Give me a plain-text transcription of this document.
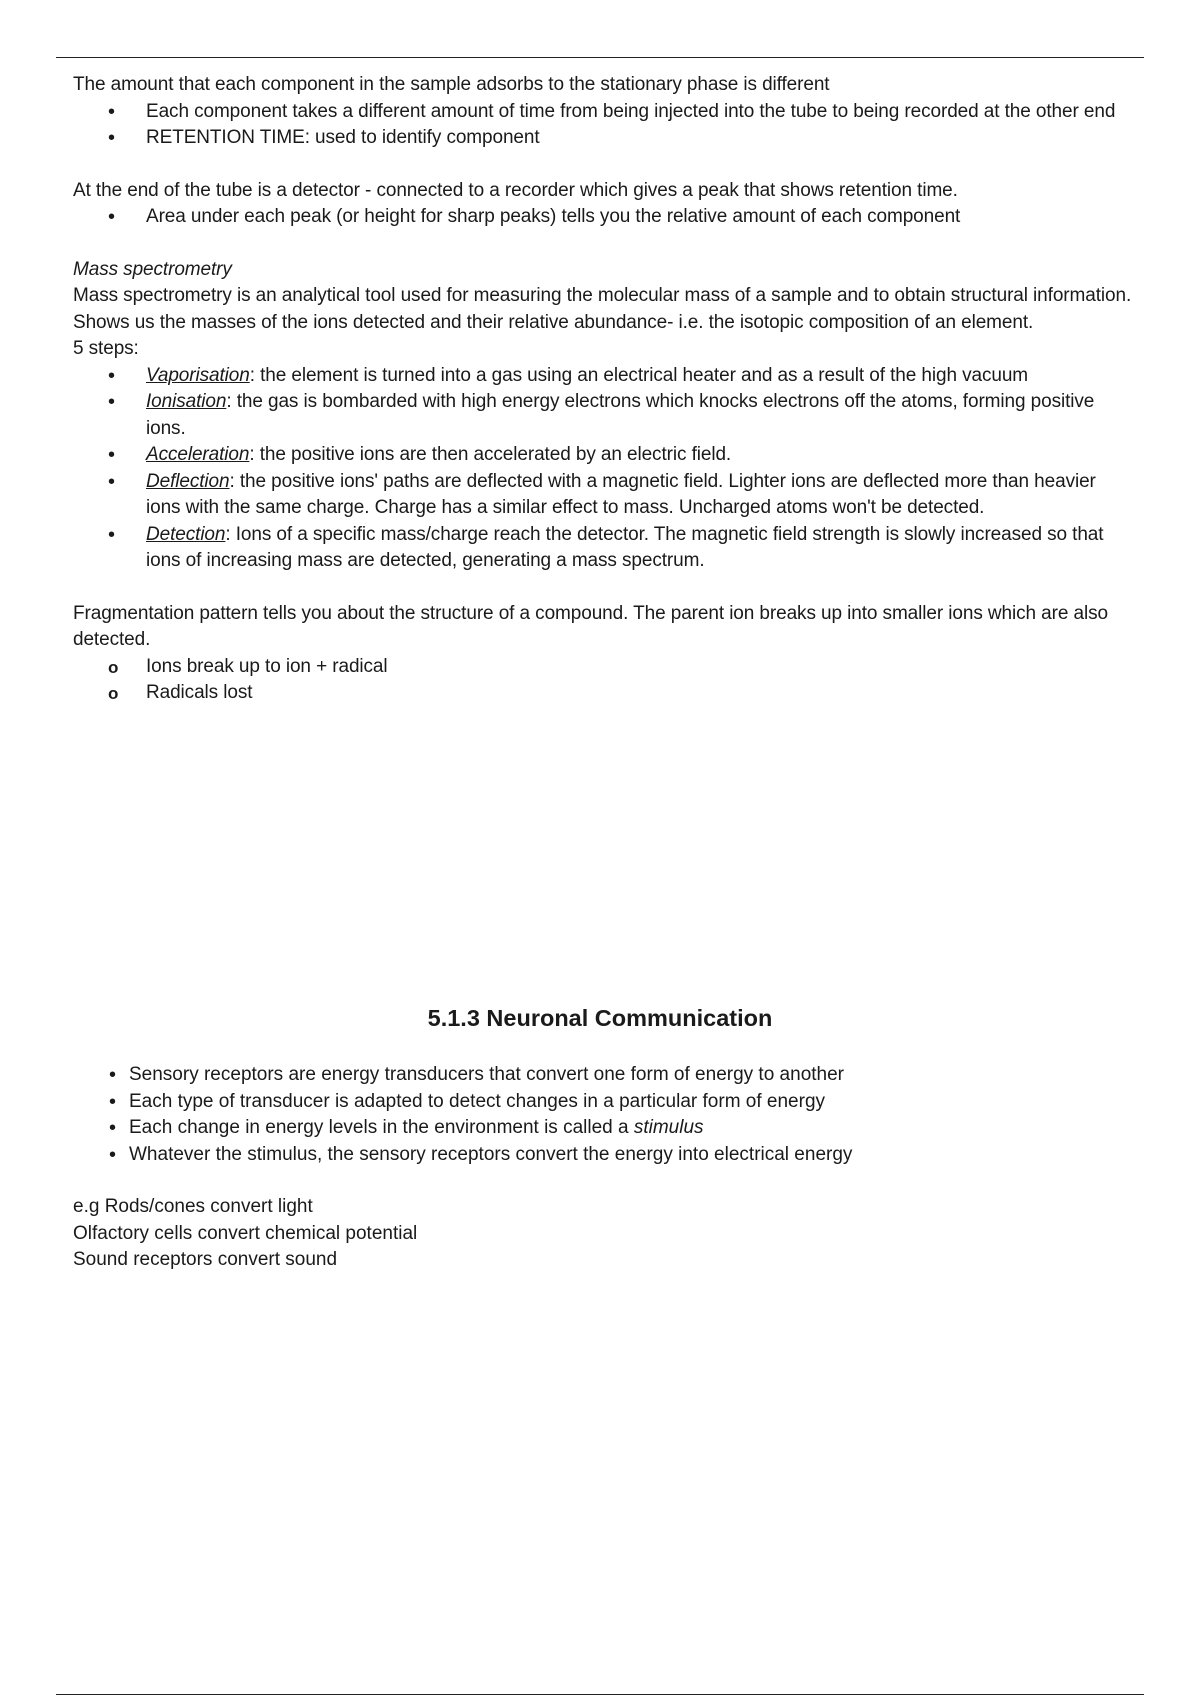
The amount that each component in the sample adsorbs to the stationary phase is different

• Each component takes a different amount of time from being injected into the tube to being recorded at the other end
• RETENTION TIME: used to identify component

At the end of the tube is a detector - connected to a recorder which gives a peak that shows retention time.

• Area under each peak (or height for sharp peaks) tells you the relative amount of each component

Mass spectrometry

Mass spectrometry is an analytical tool used for measuring the molecular mass of a sample and to obtain structural information. Shows us the masses of the ions detected and their relative abundance- i.e. the isotopic composition of an element.

5 steps:

• Vaporisation: the element is turned into a gas using an electrical heater and as a result of the high vacuum
• Ionisation: the gas is bombarded with high energy electrons which knocks electrons off the atoms, forming positive ions.
• Acceleration: the positive ions are then accelerated by an electric field.
• Deflection: the positive ions' paths are deflected with a magnetic field. Lighter ions are deflected more than heavier ions with the same charge. Charge has a similar effect to mass. Uncharged atoms won't be detected.
• Detection: Ions of a specific mass/charge reach the detector. The magnetic field strength is slowly increased so that ions of increasing mass are detected, generating a mass spectrum.

Fragmentation pattern tells you about the structure of a compound. The parent ion breaks up into smaller ions which are also detected.

o Ions break up to ion + radical
o Radicals lost
5.1.3 Neuronal Communication
• Sensory receptors are energy transducers that convert one form of energy to another
• Each type of transducer is adapted to detect changes in a particular form of energy
• Each change in energy levels in the environment is called a stimulus
• Whatever the stimulus, the sensory receptors convert the energy into electrical energy

e.g Rods/cones convert light

Olfactory cells convert chemical potential

Sound receptors convert sound
